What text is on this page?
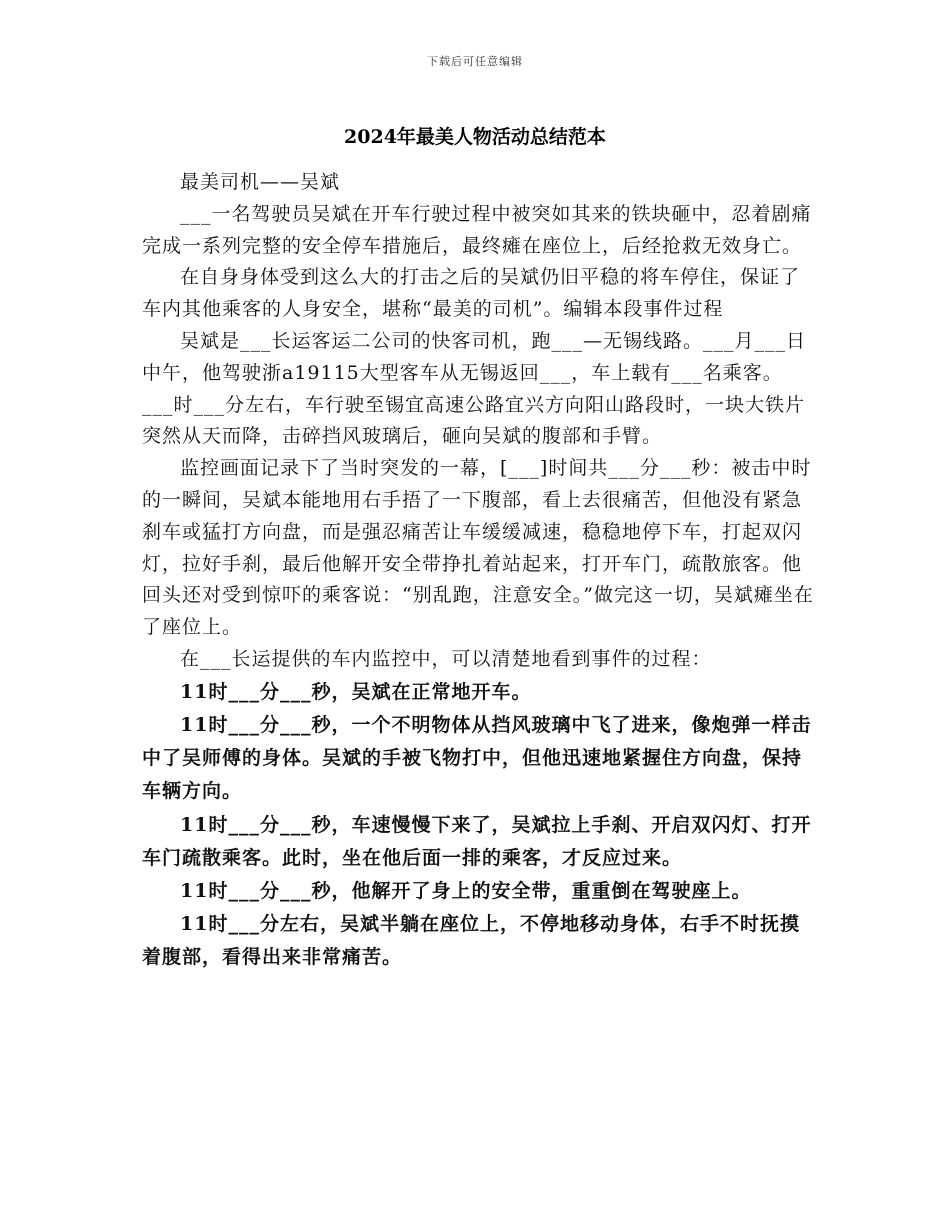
下载后可任意编辑
2024年最美人物活动总结范本

最美司机——吴斌

___一名驾驶员吴斌在开车行驶过程中被突如其来的铁块砸中，忍着剧痛完成一系列完整的安全停车措施后，最终瘫在座位上，后经抢救无效身亡。

在自身身体受到这么大的打击之后的吴斌仍旧平稳的将车停住，保证了车内其他乘客的人身安全，堪称“最美的司机”。编辑本段事件过程

吴斌是___长运客运二公司的快客司机，跑___—无锡线路。___月___日中午，他驾驶浙a19115大型客车从无锡返回___，车上载有___名乘客。___时___分左右，车行驶至锡宜高速公路宜兴方向阳山路段时，一块大铁片突然从天而降，击碎挡风玻璃后，砸向吴斌的腹部和手臂。

监控画面记录下了当时突发的一幕，[___]时间共___分___秒：被击中时的一瞬间，吴斌本能地用右手捂了一下腹部，看上去很痛苦，但他没有紧急刹车或猛打方向盘，而是强忍痛苦让车缓缓减速，稳稳地停下车，打起双闪灯，拉好手刹，最后他解开安全带挣扎着站起来，打开车门，疏散旅客。他回头还对受到惊吓的乘客说：“别乱跑，注意安全。”做完这一切，吴斌瘫坐在了座位上。

在___长运提供的车内监控中，可以清楚地看到事件的过程：

11时___分___秒，吴斌在正常地开车。

11时___分___秒，一个不明物体从挡风玻璃中飞了进来，像炮弹一样击中了吴师傅的身体。吴斌的手被飞物打中，但他迅速地紧握住方向盘，保持车辆方向。

11时___分___秒，车速慢慢下来了，吴斌拉上手刹、开启双闪灯、打开车门疏散乘客。此时，坐在他后面一排的乘客，才反应过来。

11时___分___秒，他解开了身上的安全带，重重倒在驾驶座上。

11时___分左右，吴斌半躺在座位上，不停地移动身体，右手不时抚摸着腹部，看得出来非常痛苦。
